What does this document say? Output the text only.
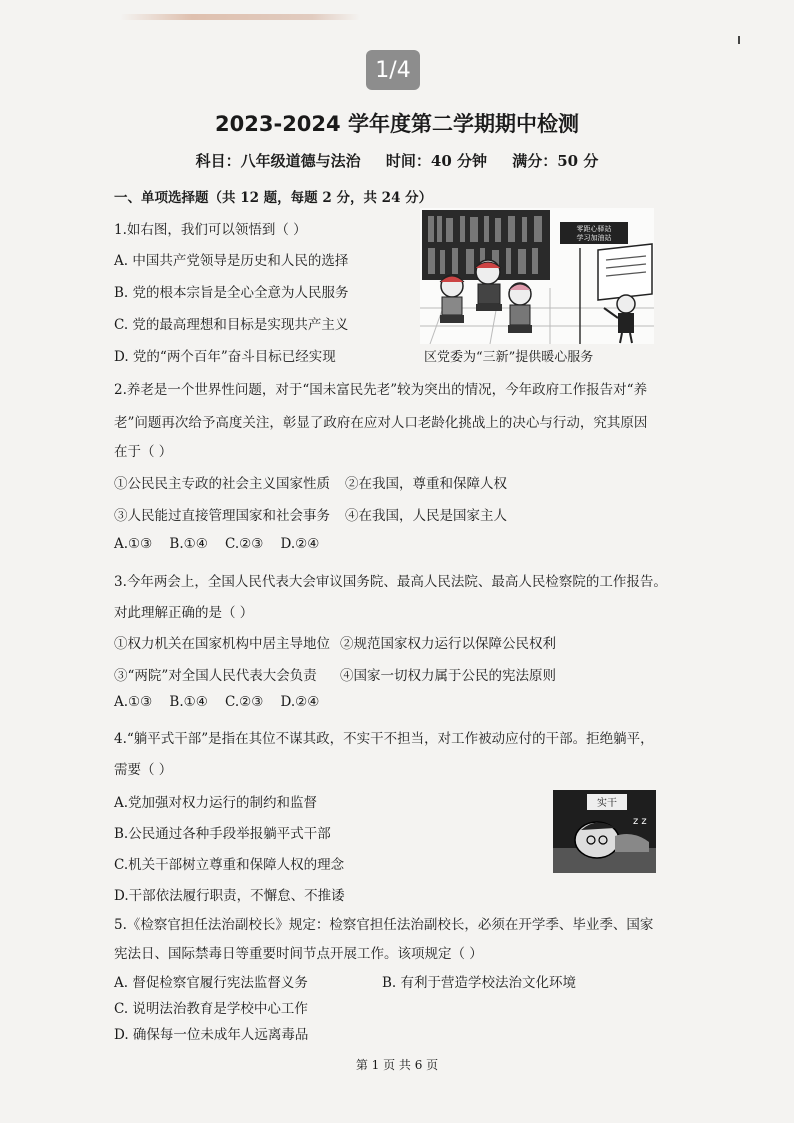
1/4
2023-2024 学年度第二学期期中检测
科目：八年级道德与法治 时间：40 分钟 满分：50 分
一、单项选择题（共 12 题，每题 2 分，共 24 分）
1.如右图，我们可以领悟到（ ）
A. 中国共产党领导是历史和人民的选择
B. 党的根本宗旨是全心全意为人民服务
C. 党的最高理想和目标是实现共产主义
D. 党的“两个百年”奋斗目标已经实现
零距心驿站
学习加油站
区党委为“三新”提供暖心服务
2.养老是一个世界性问题，对于“国未富民先老”较为突出的情况，今年政府工作报告对“养
老”问题再次给予高度关注，彰显了政府在应对人口老龄化挑战上的决心与行动，究其原因
在于（ ）
①公民民主专政的社会主义国家性质 ②在我国，尊重和保障人权
③人民能过直接管理国家和社会事务 ④在我国，人民是国家主人
A.①③    B.①④    C.②③    D.②④
3.今年两会上，全国人民代表大会审议国务院、最高人民法院、最高人民检察院的工作报告。
对此理解正确的是（ ）
①权力机关在国家机构中居主导地位 ②规范国家权力运行以保障公民权利
③“两院”对全国人民代表大会负责 ④国家一切权力属于公民的宪法原则
A.①③    B.①④    C.②③    D.②④
4.“躺平式干部”是指在其位不谋其政，不实干不担当，对工作被动应付的干部。拒绝躺平，
需要（ ）
A.党加强对权力运行的制约和监督
B.公民通过各种手段举报躺平式干部
C.机关干部树立尊重和保障人权的理念
D.干部依法履行职责，不懈怠、不推诿
实干
z z
5.《检察官担任法治副校长》规定：检察官担任法治副校长，必须在开学季、毕业季、国家
宪法日、国际禁毒日等重要时间节点开展工作。该项规定（ ）
A. 督促检察官履行宪法监督义务	B. 有利于营造学校法治文化环境
C. 说明法治教育是学校中心工作
D. 确保每一位未成年人远离毒品
第 1 页 共 6 页
